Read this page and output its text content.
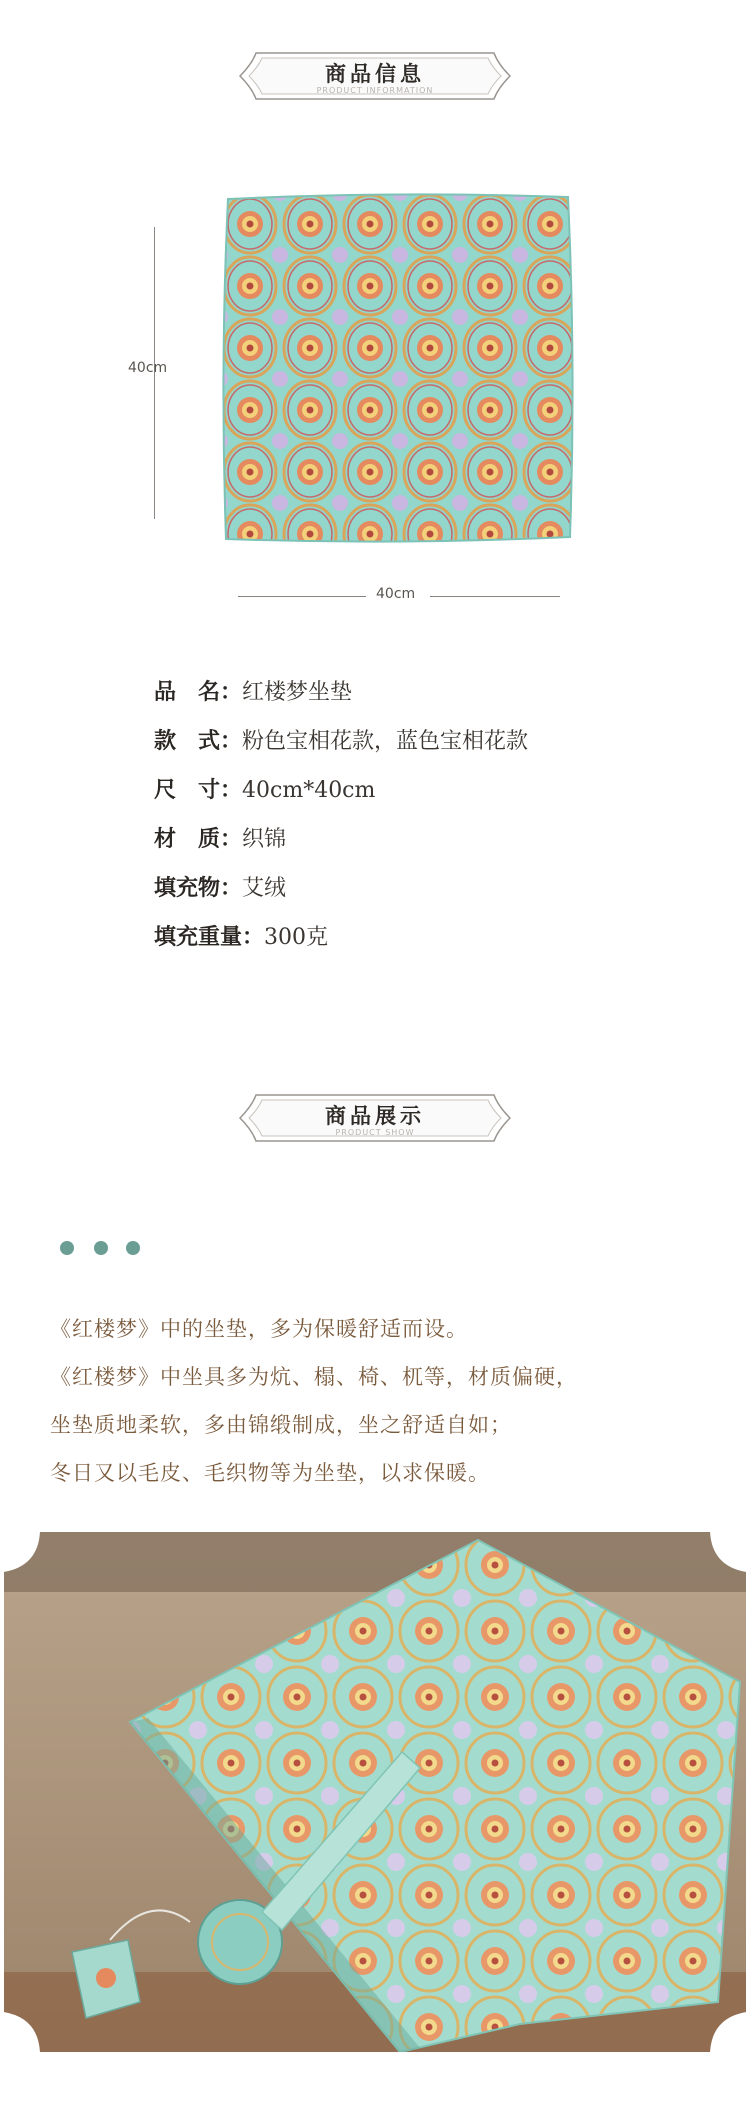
商品信息
PRODUCT INFORMATION
40cm
40cm
品　名：红楼梦坐垫
款　式：粉色宝相花款，蓝色宝相花款
尺　寸：40cm*40cm
材　质：织锦
填充物：艾绒
填充重量：300克
商品展示
PRODUCT SHOW
《红楼梦》中的坐垫，多为保暖舒适而设。
《红楼梦》中坐具多为炕、榻、椅、杌等，材质偏硬，
坐垫质地柔软，多由锦缎制成，坐之舒适自如；
冬日又以毛皮、毛织物等为坐垫，以求保暖。
